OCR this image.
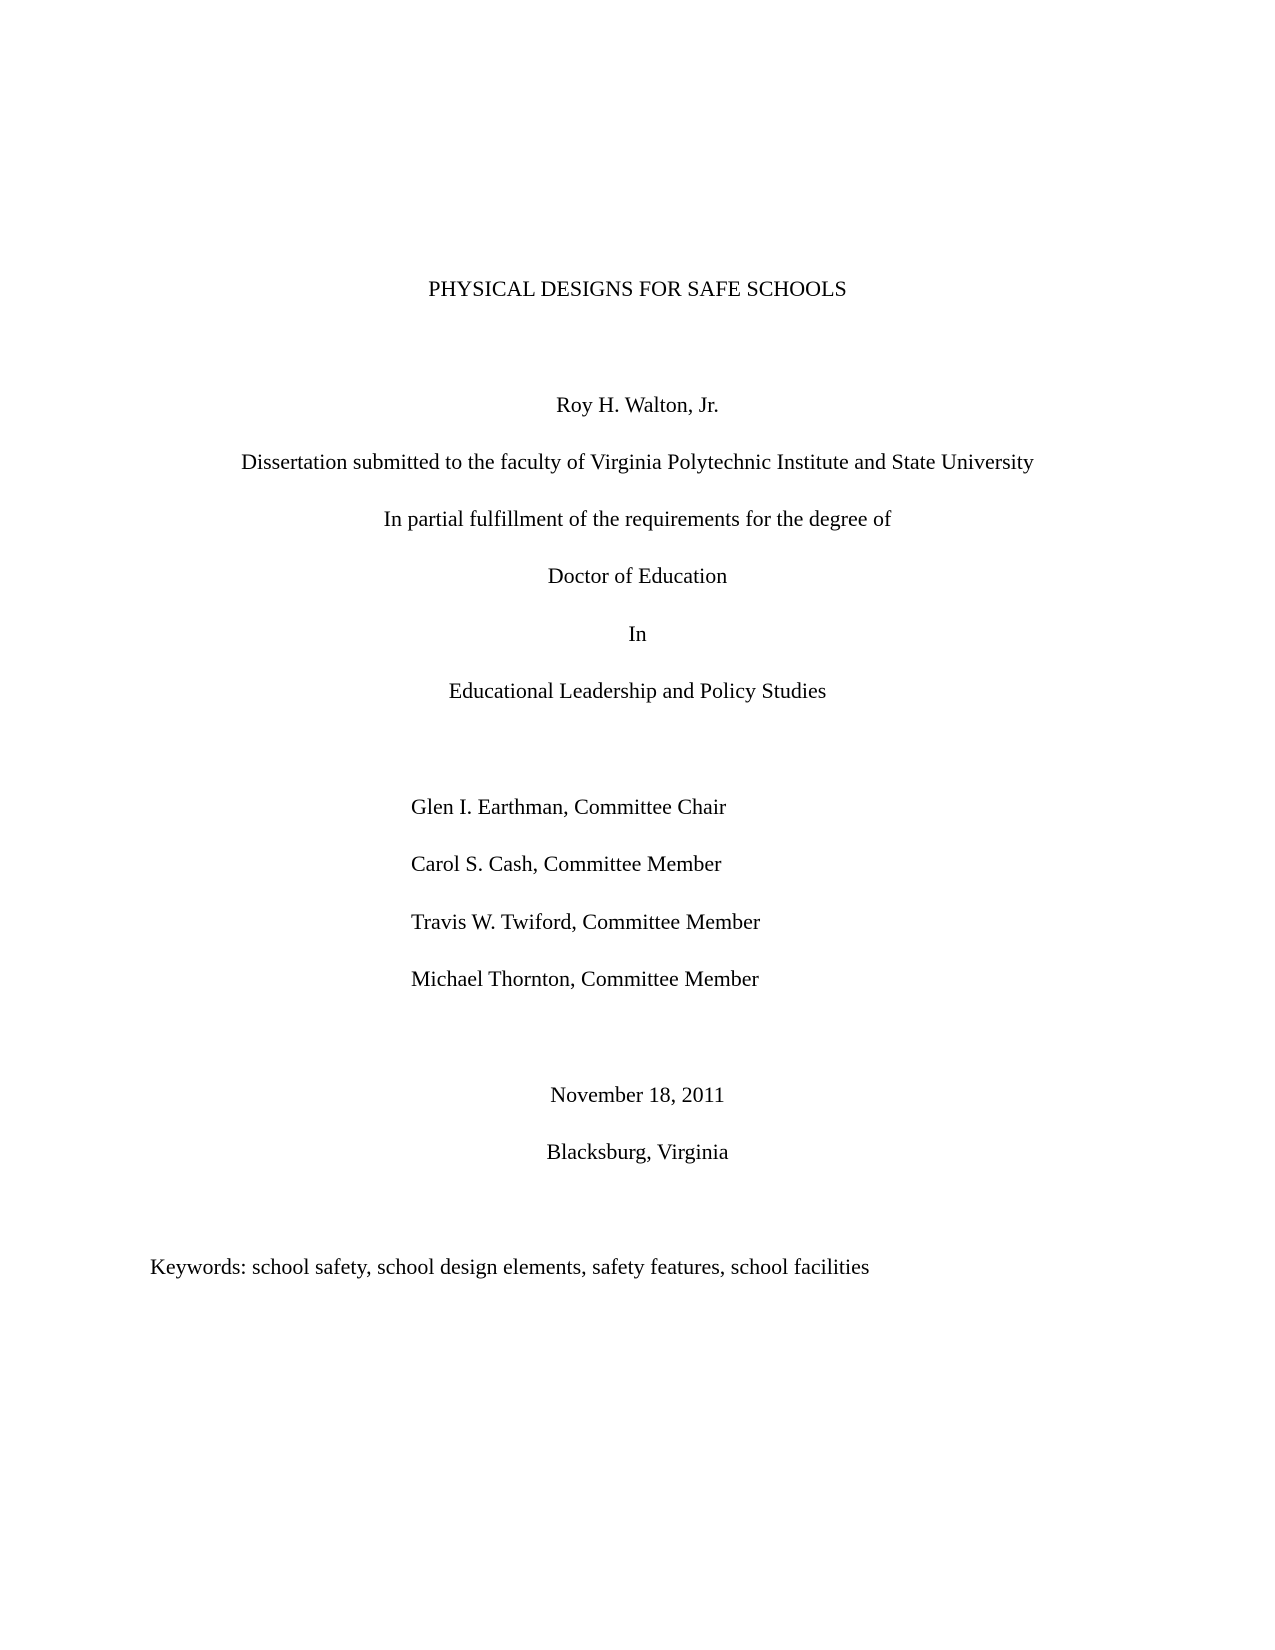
PHYSICAL DESIGNS FOR SAFE SCHOOLS
Roy H. Walton, Jr.
Dissertation submitted to the faculty of Virginia Polytechnic Institute and State University
In partial fulfillment of the requirements for the degree of
Doctor of Education
In
Educational Leadership and Policy Studies
Glen I. Earthman, Committee Chair
Carol S. Cash, Committee Member
Travis W. Twiford, Committee Member
Michael Thornton, Committee Member
November 18, 2011
Blacksburg, Virginia
Keywords: school safety, school design elements, safety features, school facilities
